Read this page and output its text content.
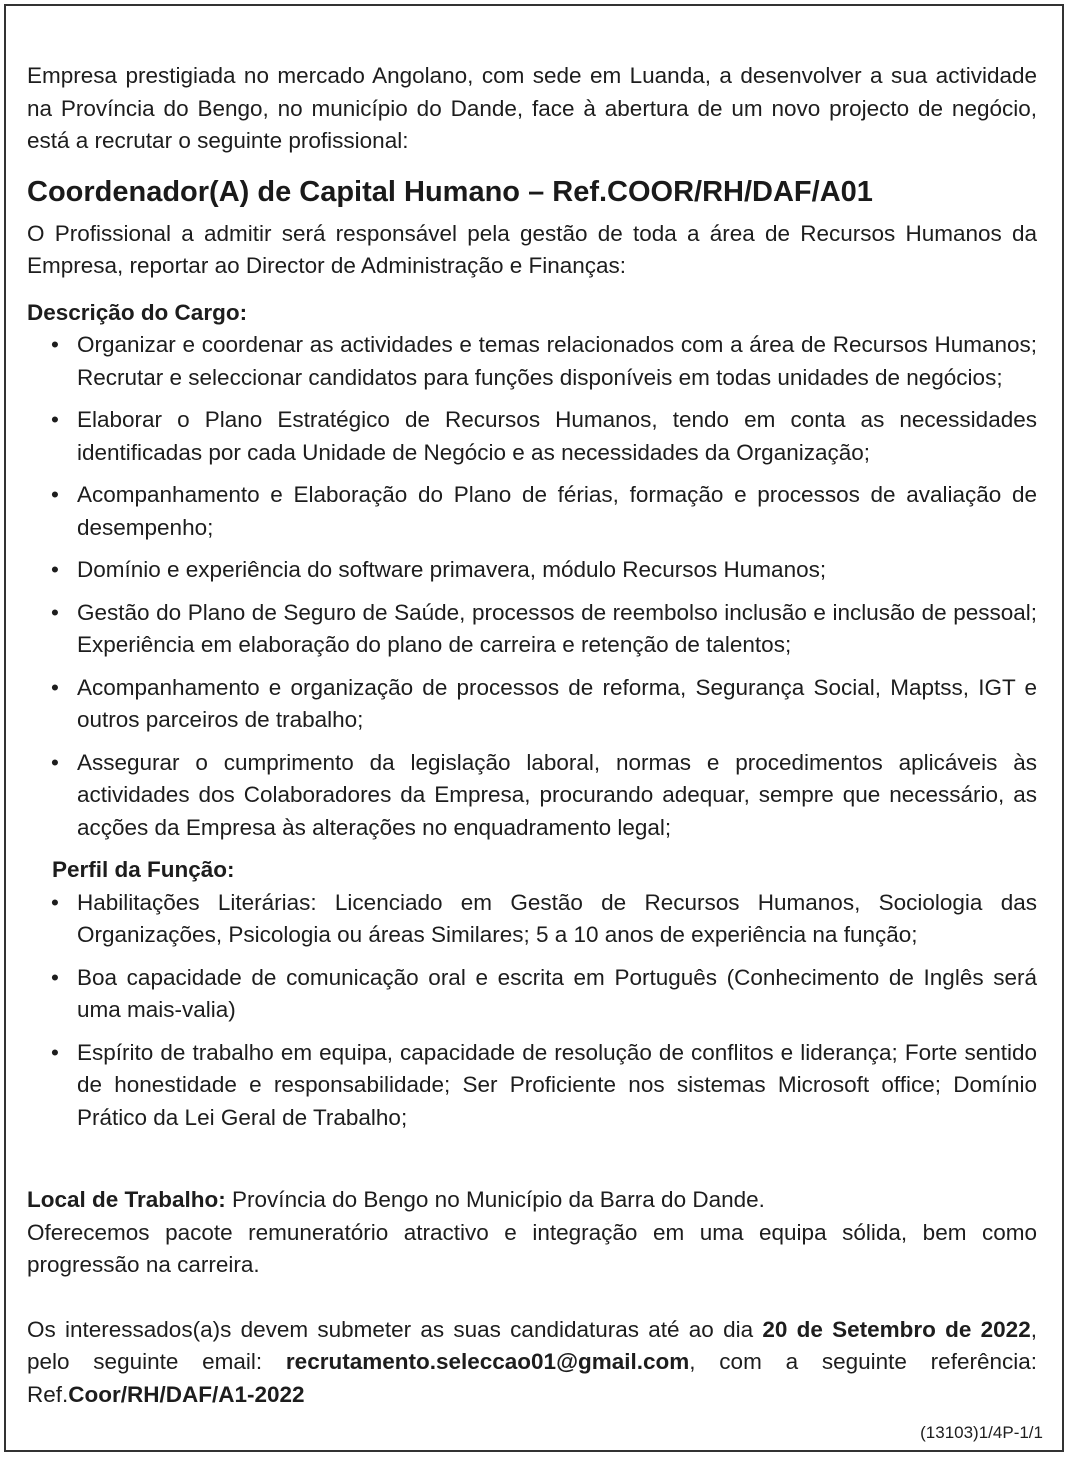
Empresa prestigiada no mercado Angolano, com sede em Luanda, a desenvolver a sua actividade na Província do Bengo, no município do Dande, face à abertura de um novo projecto de negócio, está a recrutar o seguinte profissional:

Coordenador(A) de Capital Humano – Ref.COOR/RH/DAF/A01

O Profissional a admitir será responsável pela gestão de toda a área de Recursos Humanos da Empresa, reportar ao Director de Administração e Finanças:

Descrição do Cargo:
• Organizar e coordenar as actividades e temas relacionados com a área de Recursos Humanos; Recrutar e seleccionar candidatos para funções disponíveis em todas unidades de negócios;
• Elaborar o Plano Estratégico de Recursos Humanos, tendo em conta as necessidades identificadas por cada Unidade de Negócio e as necessidades da Organização;
• Acompanhamento e Elaboração do Plano de férias, formação e processos de avaliação de desempenho;
• Domínio e experiência do software primavera, módulo Recursos Humanos;
• Gestão do Plano de Seguro de Saúde, processos de reembolso inclusão e inclusão de pessoal; Experiência em elaboração do plano de carreira e retenção de talentos;
• Acompanhamento e organização de processos de reforma, Segurança Social, Maptss, IGT e outros parceiros de trabalho;
• Assegurar o cumprimento da legislação laboral, normas e procedimentos aplicáveis às actividades dos Colaboradores da Empresa, procurando adequar, sempre que necessário, as acções da Empresa às alterações no enquadramento legal;
Perfil da Função:
• Habilitações Literárias: Licenciado em Gestão de Recursos Humanos, Sociologia das Organizações, Psicologia ou áreas Similares; 5 a 10 anos de experiência na função;
• Boa capacidade de comunicação oral e escrita em Português (Conhecimento de Inglês será uma mais-valia)
• Espírito de trabalho em equipa, capacidade de resolução de conflitos e liderança; Forte sentido de honestidade e responsabilidade; Ser Proficiente nos sistemas Microsoft office; Domínio Prático da Lei Geral de Trabalho;

Local de Trabalho: Província do Bengo no Município da Barra do Dande.

Oferecemos pacote remuneratório atractivo e integração em uma equipa sólida, bem como progressão na carreira.

Os interessados(a)s devem submeter as suas candidaturas até ao dia 20 de Setembro de 2022, pelo seguinte email: recrutamento.seleccao01@gmail.com, com a seguinte referência: Ref.Coor/RH/DAF/A1-2022

(13103)1/4P-1/1
